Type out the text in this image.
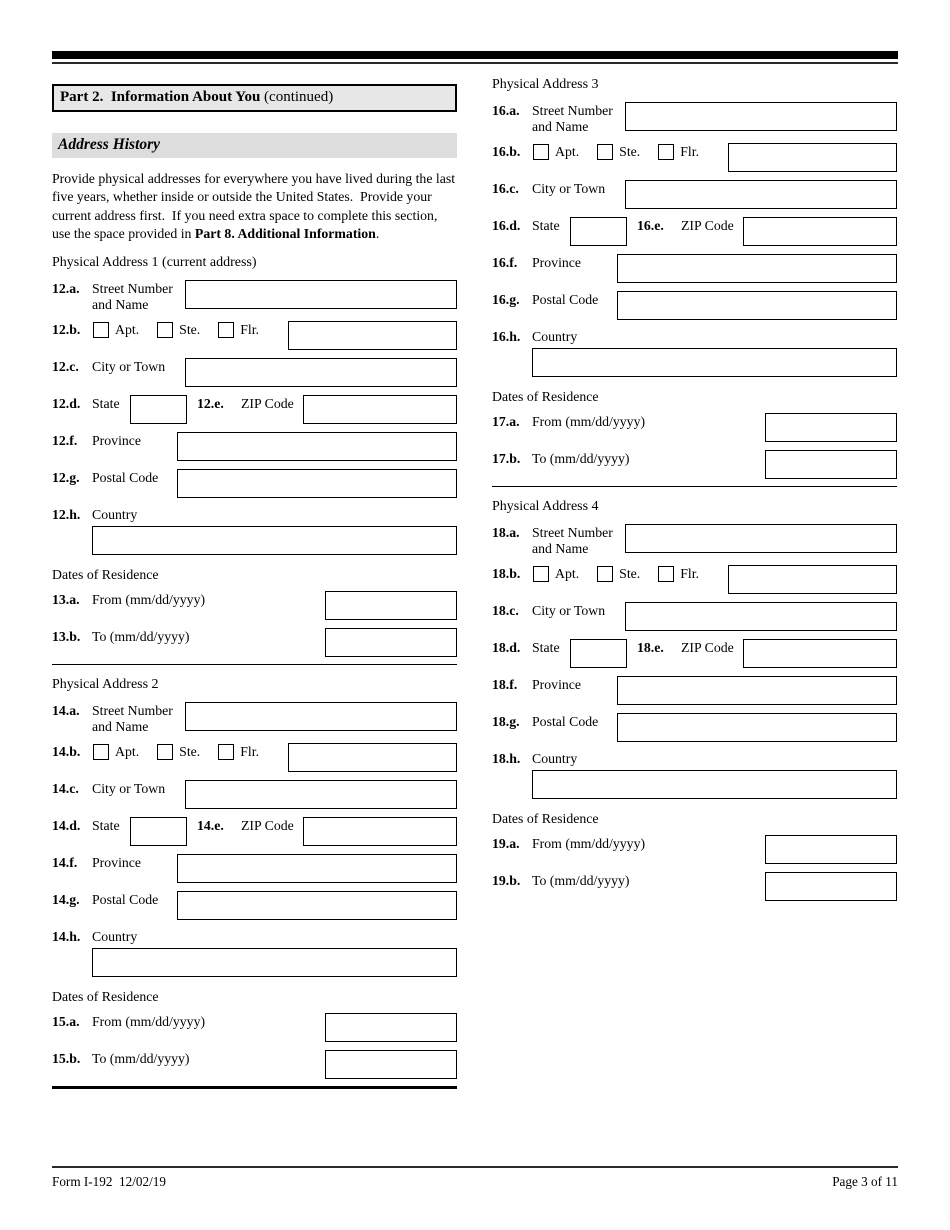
Part 2.  Information About You (continued)
Address History
Provide physical addresses for everywhere you have lived during the last five years, whether inside or outside the United States.  Provide your current address first.  If you need extra space to complete this section, use the space provided in Part 8. Additional Information.
Physical Address 1 (current address)
12.a. Street Number
and Name
12.b.	Apt.	Ste.	Flr.
12.c. City or Town
12.d. State	12.e.	ZIP Code
12.f.	Province
12.g. Postal Code
12.h. Country
Dates of Residence
13.a. From (mm/dd/yyyy)
13.b. To (mm/dd/yyyy)
Physical Address 2
14.a. Street Number
and Name
14.b.	Apt.	Ste.	Flr.
14.c. City or Town
14.d. State	14.e.	ZIP Code
14.f.	Province
14.g. Postal Code
14.h. Country
Dates of Residence
15.a. From (mm/dd/yyyy)
15.b. To (mm/dd/yyyy)
Physical Address 3
16.a. Street Number
and Name
16.b.	Apt.	Ste.	Flr.
16.c. City or Town
16.d. State	16.e.	ZIP Code
16.f.	Province
16.g. Postal Code
16.h. Country
Dates of Residence
17.a. From (mm/dd/yyyy)
17.b. To (mm/dd/yyyy)
Physical Address 4
18.a. Street Number
and Name
18.b.	Apt.	Ste.	Flr.
18.c. City or Town
18.d. State	18.e.	ZIP Code
18.f.	Province
18.g. Postal Code
18.h. Country
Dates of Residence
19.a. From (mm/dd/yyyy)
19.b. To (mm/dd/yyyy)
Form I-192  12/02/19	Page 3 of 11
